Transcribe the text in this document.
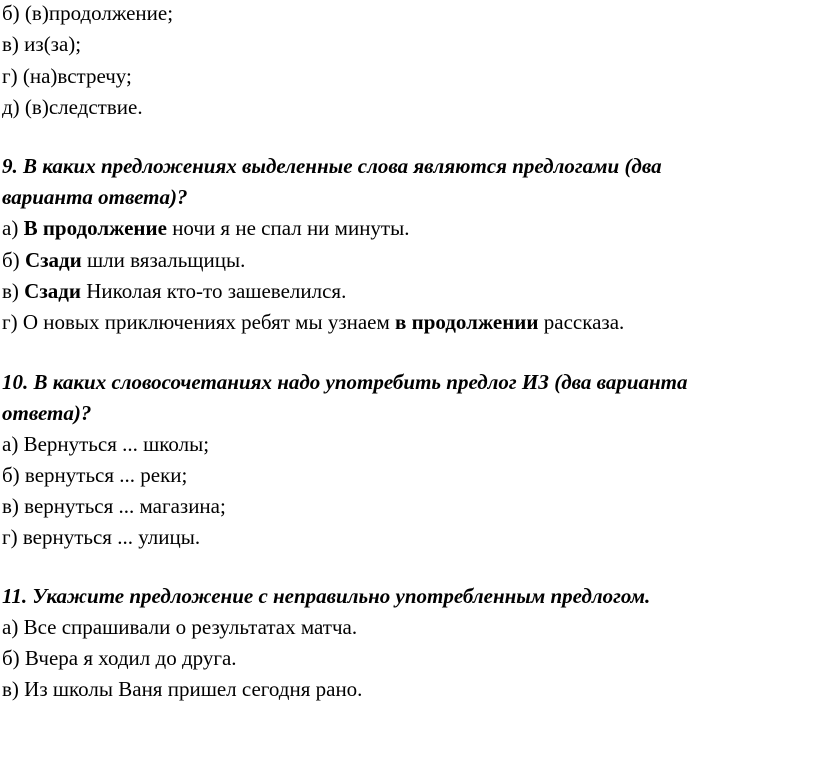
б) (в)продолжение;
в) из(за);
г) (на)встречу;
д) (в)следствие.
9. В каких предложениях выделенные слова являются предлогами (два
варианта ответа)?
а) В продолжение ночи я не спал ни минуты.
б) Сзади шли вязальщицы.
в) Сзади Николая кто-то зашевелился.
г) О новых приключениях ребят мы узнаем в продолжении рассказа.
10. В каких словосочетаниях надо употребить предлог ИЗ (два варианта
ответа)?
а) Вернуться ... школы;
б) вернуться ... реки;
в) вернуться ... магазина;
г) вернуться ... улицы.
11. Укажите предложение с неправильно употребленным предлогом.
а) Все спрашивали о результатах матча.
б) Вчера я ходил до друга.
в) Из школы Ваня пришел сегодня рано.
